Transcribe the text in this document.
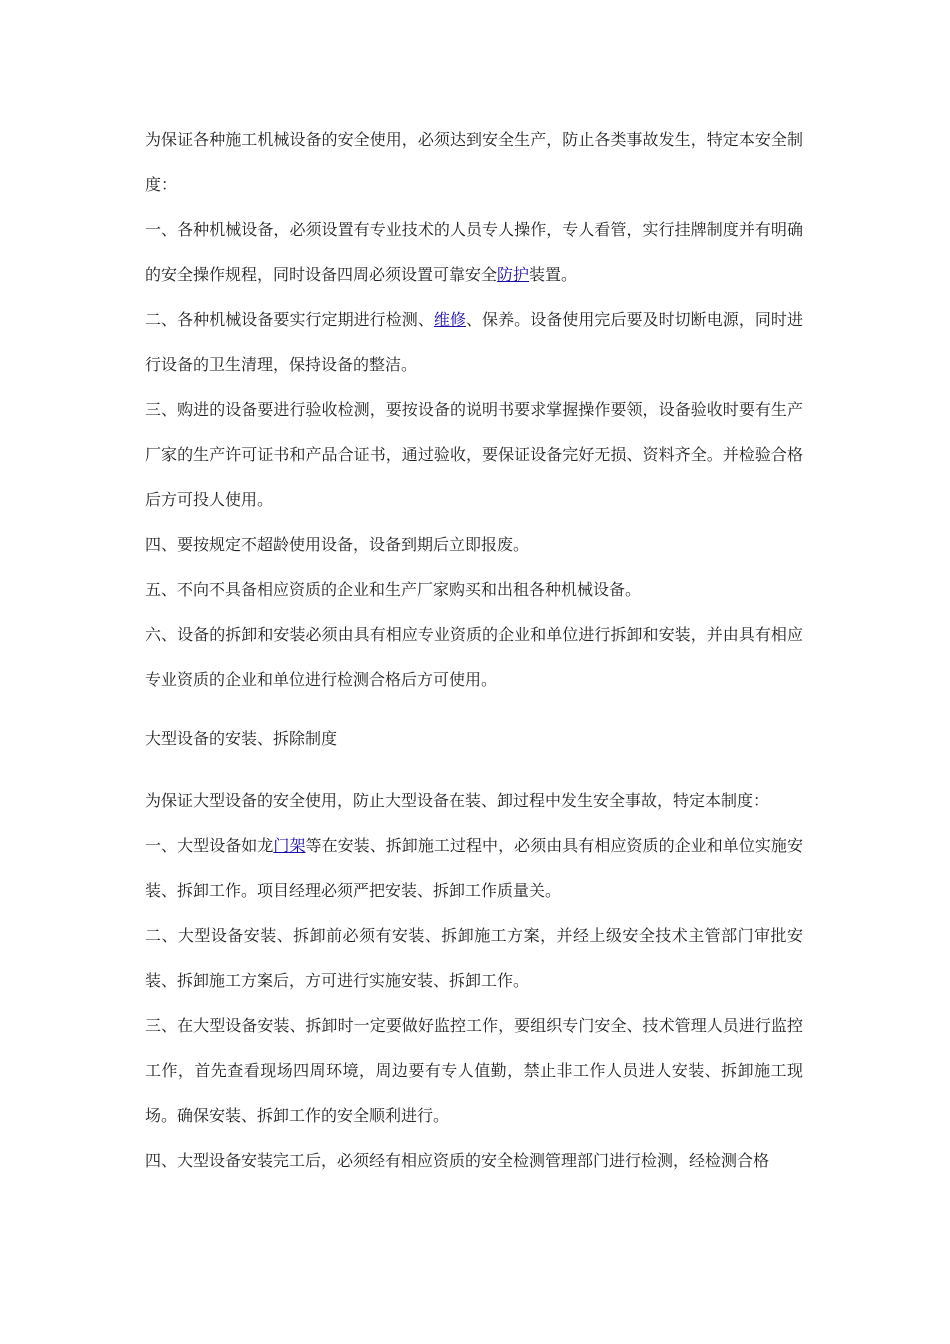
为保证各种施工机械设备的安全使用，必须达到安全生产，防止各类事故发生，特定本安全制度：

一、各种机械设备，必须设置有专业技术的人员专人操作，专人看管，实行挂牌制度并有明确的安全操作规程，同时设备四周必须设置可靠安全防护装置。

二、各种机械设备要实行定期进行检测、维修、保养。设备使用完后要及时切断电源，同时进行设备的卫生清理，保持设备的整洁。

三、购进的设备要进行验收检测，要按设备的说明书要求掌握操作要领，设备验收时要有生产厂家的生产许可证书和产品合证书，通过验收，要保证设备完好无损、资料齐全。并检验合格后方可投人使用。

四、要按规定不超龄使用设备，设备到期后立即报废。

五、不向不具备相应资质的企业和生产厂家购买和出租各种机械设备。

六、设备的拆卸和安装必须由具有相应专业资质的企业和单位进行拆卸和安装，并由具有相应专业资质的企业和单位进行检测合格后方可使用。

大型设备的安装、拆除制度

为保证大型设备的安全使用，防止大型设备在装、卸过程中发生安全事故，特定本制度：

一、大型设备如龙门架等在安装、拆卸施工过程中，必须由具有相应资质的企业和单位实施安装、拆卸工作。项目经理必须严把安装、拆卸工作质量关。

二、大型设备安装、拆卸前必须有安装、拆卸施工方案，并经上级安全技术主管部门审批安装、拆卸施工方案后，方可进行实施安装、拆卸工作。

三、在大型设备安装、拆卸时一定要做好监控工作，要组织专门安全、技术管理人员进行监控工作，首先查看现场四周环境，周边要有专人值勤，禁止非工作人员进人安装、拆卸施工现场。确保安装、拆卸工作的安全顺利进行。

四、大型设备安装完工后，必须经有相应资质的安全检测管理部门进行检测，经检测合格
